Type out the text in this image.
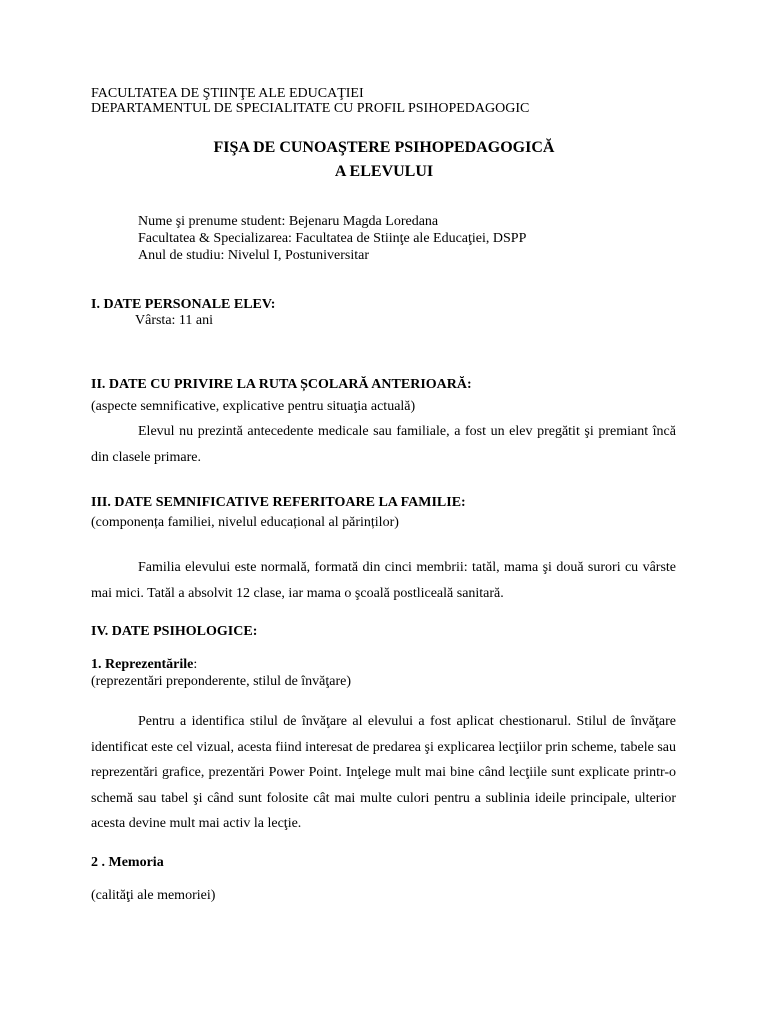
FACULTATEA DE ŞTIINŢE ALE EDUCAŢIEI
DEPARTAMENTUL DE SPECIALITATE CU PROFIL PSIHOPEDAGOGIC
FIŞA DE CUNOAŞTERE PSIHOPEDAGOGICĂ
A ELEVULUI
Nume şi prenume student: Bejenaru Magda Loredana
Facultatea & Specializarea: Facultatea de Stiinţe ale Educaţiei, DSPP
Anul de studiu: Nivelul I, Postuniversitar
I. DATE PERSONALE ELEV:
Vârsta: 11 ani
II. DATE CU PRIVIRE LA RUTA ȘCOLARĂ ANTERIOARĂ:
(aspecte semnificative, explicative pentru situaţia actuală)
Elevul nu prezintă antecedente medicale sau familiale, a fost un elev pregătit şi premiant încă din clasele primare.
III. DATE SEMNIFICATIVE REFERITOARE LA FAMILIE:
(componența familiei, nivelul educațional al părinților)
Familia elevului este normală, formată din cinci membrii: tatăl, mama şi două surori cu vârste mai mici. Tatăl a absolvit 12 clase, iar mama o şcoală postliceală sanitară.
IV. DATE PSIHOLOGICE:
1. Reprezentările:
(reprezentări preponderente, stilul de învăţare)
Pentru a identifica stilul de învăţare al elevului a fost aplicat chestionarul. Stilul de învăţare identificat este cel vizual, acesta fiind interesat de predarea şi explicarea lecţiilor prin scheme, tabele sau reprezentări grafice, prezentări Power Point. Inţelege mult mai bine când lecţiile sunt explicate printr-o schemă sau tabel şi când sunt folosite cât mai multe culori pentru a sublinia ideile principale, ulterior acesta devine mult mai activ la lecţie.
2 . Memoria
(calităţi ale memoriei)
